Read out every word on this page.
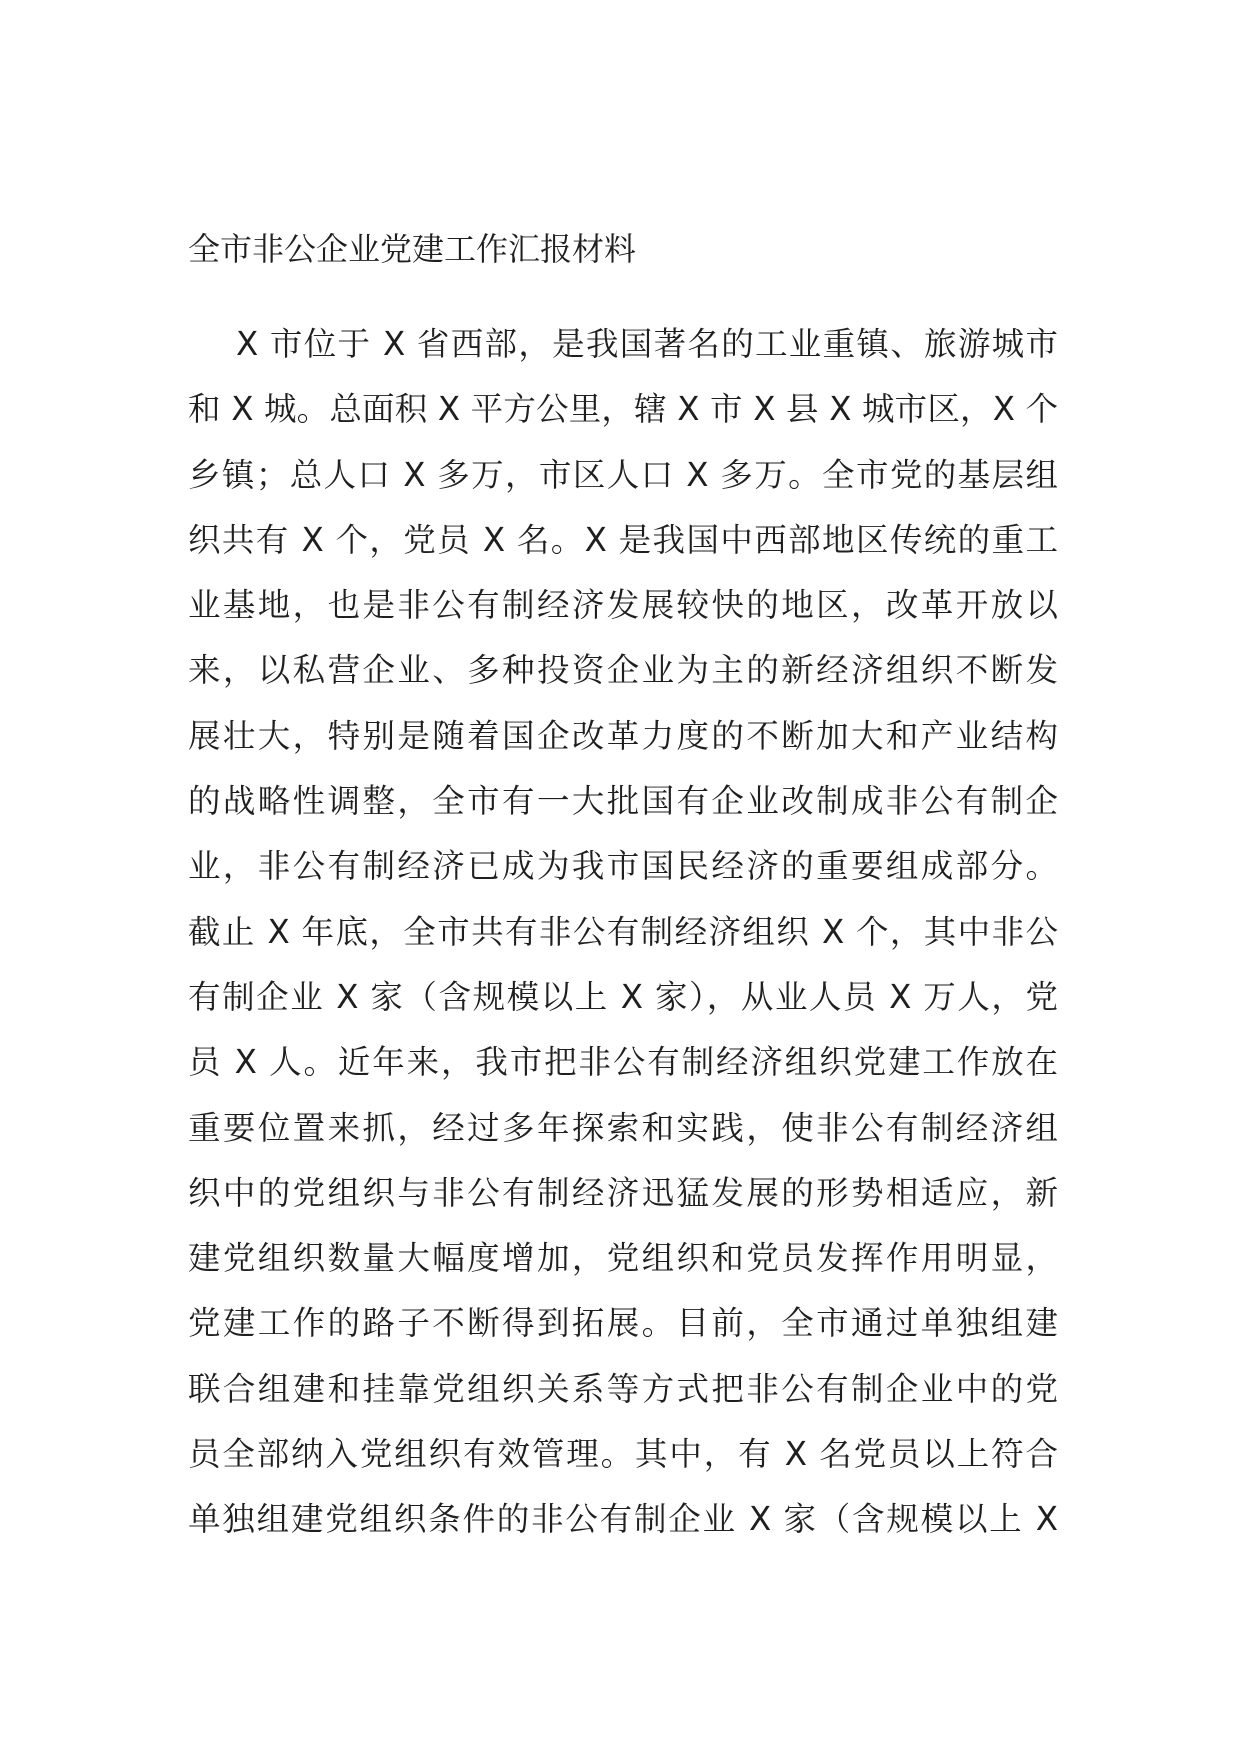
全市非公企业党建工作汇报材料
X 市位于 X 省西部，是我国著名的工业重镇、旅游城市
和 X 城。总面积 X 平方公里，辖 X 市 X 县 X 城市区，X 个
乡镇；总人口 X 多万，市区人口 X 多万。全市党的基层组
织共有 X 个，党员 X 名。X 是我国中西部地区传统的重工
业基地，也是非公有制经济发展较快的地区，改革开放以
来，以私营企业、多种投资企业为主的新经济组织不断发
展壮大，特别是随着国企改革力度的不断加大和产业结构
的战略性调整，全市有一大批国有企业改制成非公有制企
业，非公有制经济已成为我市国民经济的重要组成部分。
截止 X 年底，全市共有非公有制经济组织 X 个，其中非公
有制企业 X 家（含规模以上 X 家），从业人员 X 万人，党
员 X 人。近年来，我市把非公有制经济组织党建工作放在
重要位置来抓，经过多年探索和实践，使非公有制经济组
织中的党组织与非公有制经济迅猛发展的形势相适应，新
建党组织数量大幅度增加，党组织和党员发挥作用明显，
党建工作的路子不断得到拓展。目前，全市通过单独组建
联合组建和挂靠党组织关系等方式把非公有制企业中的党
员全部纳入党组织有效管理。其中，有 X 名党员以上符合
单独组建党组织条件的非公有制企业 X 家（含规模以上 X
